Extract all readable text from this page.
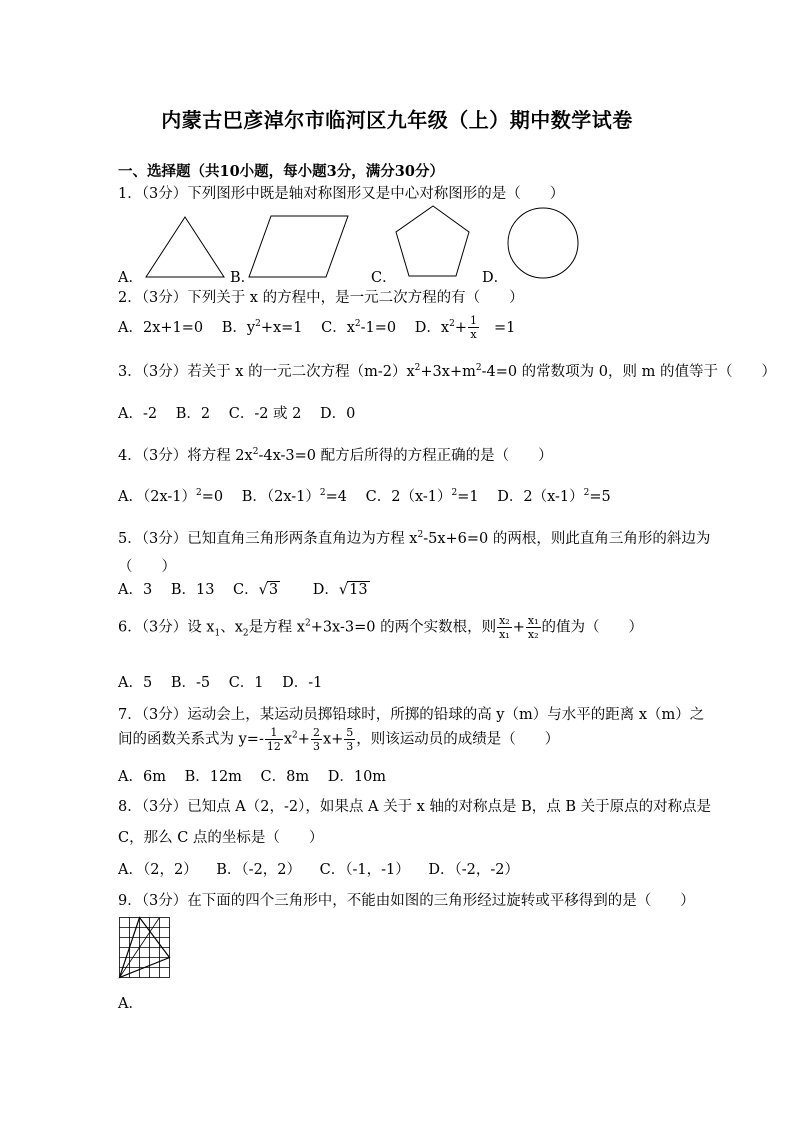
内蒙古巴彦淖尔市临河区九年级（上）期中数学试卷
一、选择题（共10小题，每小题3分，满分30分）
1．（3分）下列图形中既是轴对称图形又是中心对称图形的是（　　）
A．	B．	C．	D．
2．（3分）下列关于 x 的方程中，是一元二次方程的有（　　）
A．2x+1=0 B．$y^2+x=1$ C．$x^2-1=0$ D．$x^2+ \frac{1}{x} =1$
3．（3分）若关于 x 的一元二次方程$(m-2)x^2+3x+m^2-4=0$ 的常数项为 0，则 m 的值等于（　　）
A．-2 B．2 C．-2 或 2 D．0
4．（3分）将方程 $2x^2-4x-3=0$ 配方后所得的方程正确的是（　　）
A．$(2x-1)^2=0$ B．$(2x-1)^2=4$ C．$2(x-1)^2=1$ D．$2(x-1)^2=5$
5．（3分）已知直角三角形两条直角边为方程 $x^2-5x+6=0$ 的两根，则此直角三角形的斜边为
（　　）
A．3 B．13 C．√3 D．√13
6．（3分）设 $x_1$、$x_2$是方程 $x^2+3x-3=0$ 的两个实数根，则 $\frac{\text{x₂}}{\text{x₁}} + \frac{\text{x₁}}{\text{x₂}}$ 的值为（　　）
A．5 B．-5 C．1 D．-1
7．（3分）运动会上，某运动员掷铅球时，所掷的铅球的高 y（m）与水平的距离 x（m）之
间的函数关系式为 $y=- \frac{1}{12} x^2+ \frac{2}{3} x+ \frac{5}{3}$ ，则该运动员的成绩是（　　）
A．6m B．12m C．8m D．10m
8．（3分）已知点 A（2，-2），如果点 A 关于 x 轴的对称点是 B，点 B 关于原点的对称点是
C，那么 C 点的坐标是（　　）
A．（2，2） B．（-2，2） C．（-1，-1） D．（-2，-2）
9．（3分）在下面的四个三角形中，不能由如图的三角形经过旋转或平移得到的是（　　）
A．
